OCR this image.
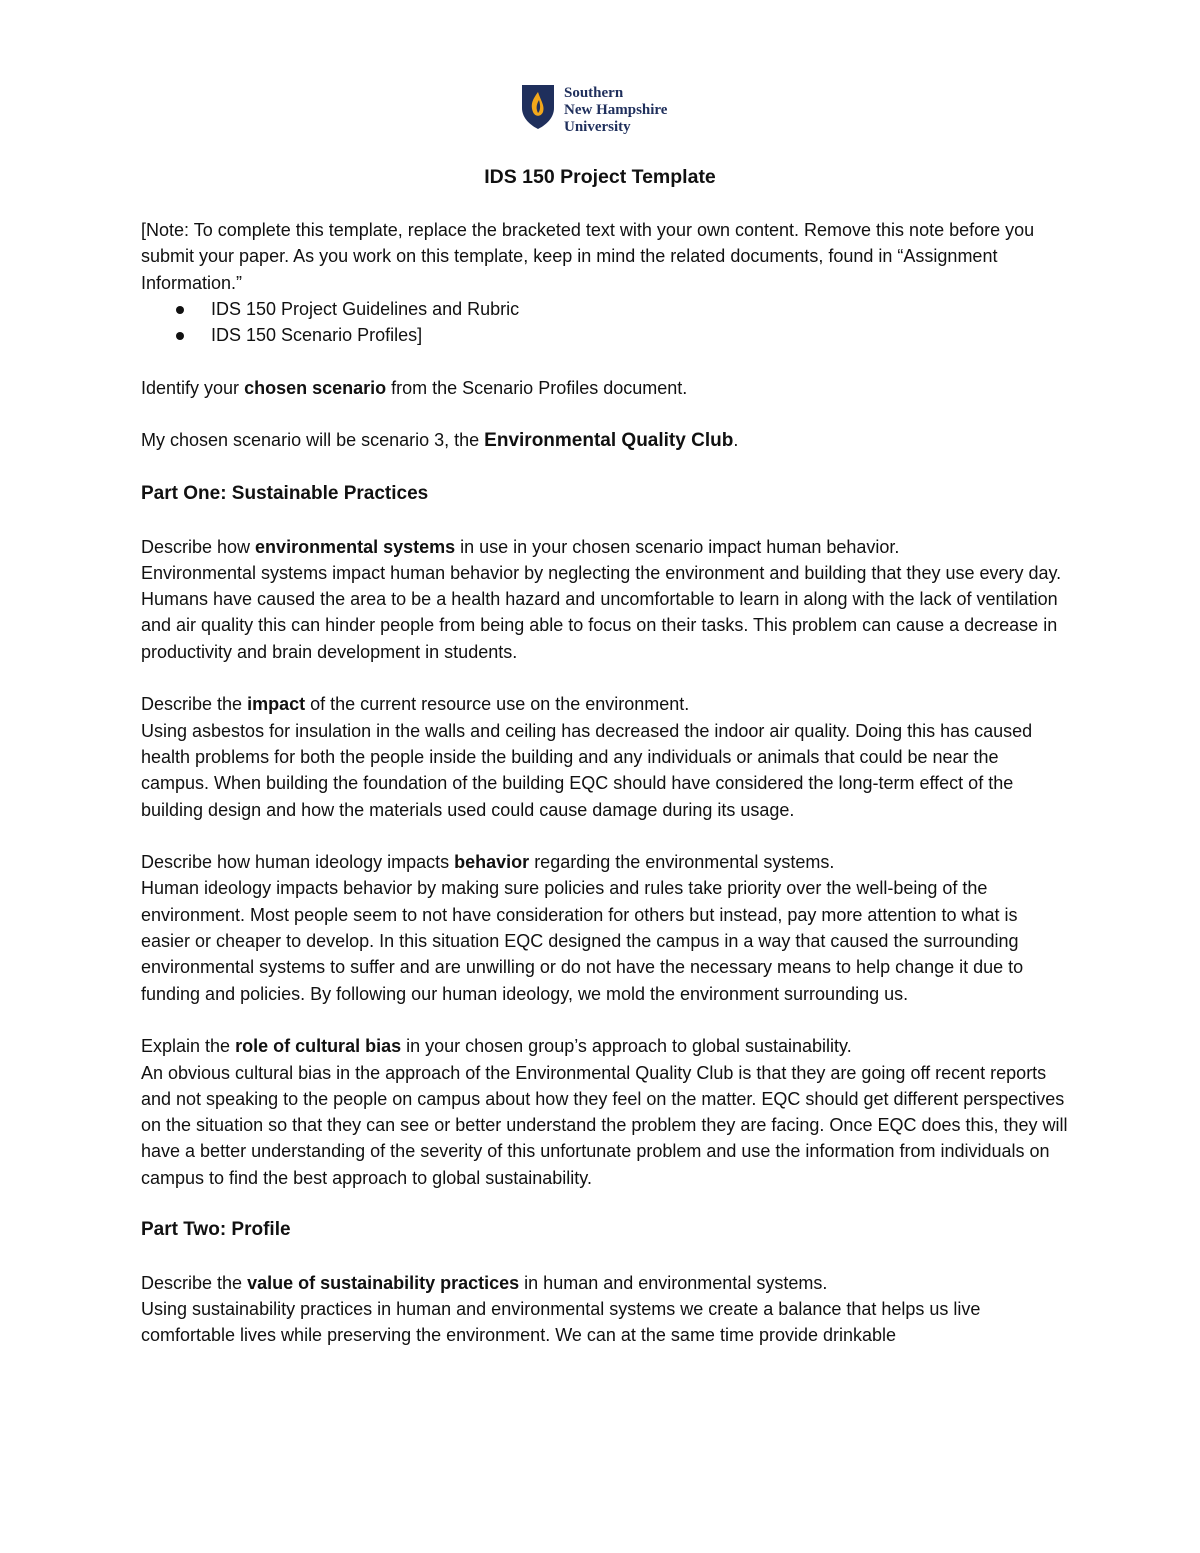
Southern
New Hampshire
University
IDS 150 Project Template

[Note: To complete this template, replace the bracketed text with your own content. Remove this note before you submit your paper. As you work on this template, keep in mind the related documents, found in “Assignment Information.”

IDS 150 Project Guidelines and Rubric
IDS 150 Scenario Profiles]

Identify your chosen scenario from the Scenario Profiles document.

My chosen scenario will be scenario 3, the Environmental Quality Club.

Part One: Sustainable Practices

Describe how environmental systems in use in your chosen scenario impact human behavior.

Environmental systems impact human behavior by neglecting the environment and building that they use every day. Humans have caused the area to be a health hazard and uncomfortable to learn in along with the lack of ventilation and air quality this can hinder people from being able to focus on their tasks. This problem can cause a decrease in productivity and brain development in students.

Describe the impact of the current resource use on the environment.

Using asbestos for insulation in the walls and ceiling has decreased the indoor air quality. Doing this has caused health problems for both the people inside the building and any individuals or animals that could be near the campus. When building the foundation of the building EQC should have considered the long-term effect of the building design and how the materials used could cause damage during its usage.

Describe how human ideology impacts behavior regarding the environmental systems.

Human ideology impacts behavior by making sure policies and rules take priority over the well-being of the environment. Most people seem to not have consideration for others but instead, pay more attention to what is easier or cheaper to develop. In this situation EQC designed the campus in a way that caused the surrounding environmental systems to suffer and are unwilling or do not have the necessary means to help change it due to funding and policies. By following our human ideology, we mold the environment surrounding us.

Explain the role of cultural bias in your chosen group’s approach to global sustainability.

An obvious cultural bias in the approach of the Environmental Quality Club is that they are going off recent reports and not speaking to the people on campus about how they feel on the matter. EQC should get different perspectives on the situation so that they can see or better understand the problem they are facing. Once EQC does this, they will have a better understanding of the severity of this unfortunate problem and use the information from individuals on campus to find the best approach to global sustainability.

Part Two: Profile

Describe the value of sustainability practices in human and environmental systems.

Using sustainability practices in human and environmental systems we create a balance that helps us live comfortable lives while preserving the environment. We can at the same time provide drinkable
